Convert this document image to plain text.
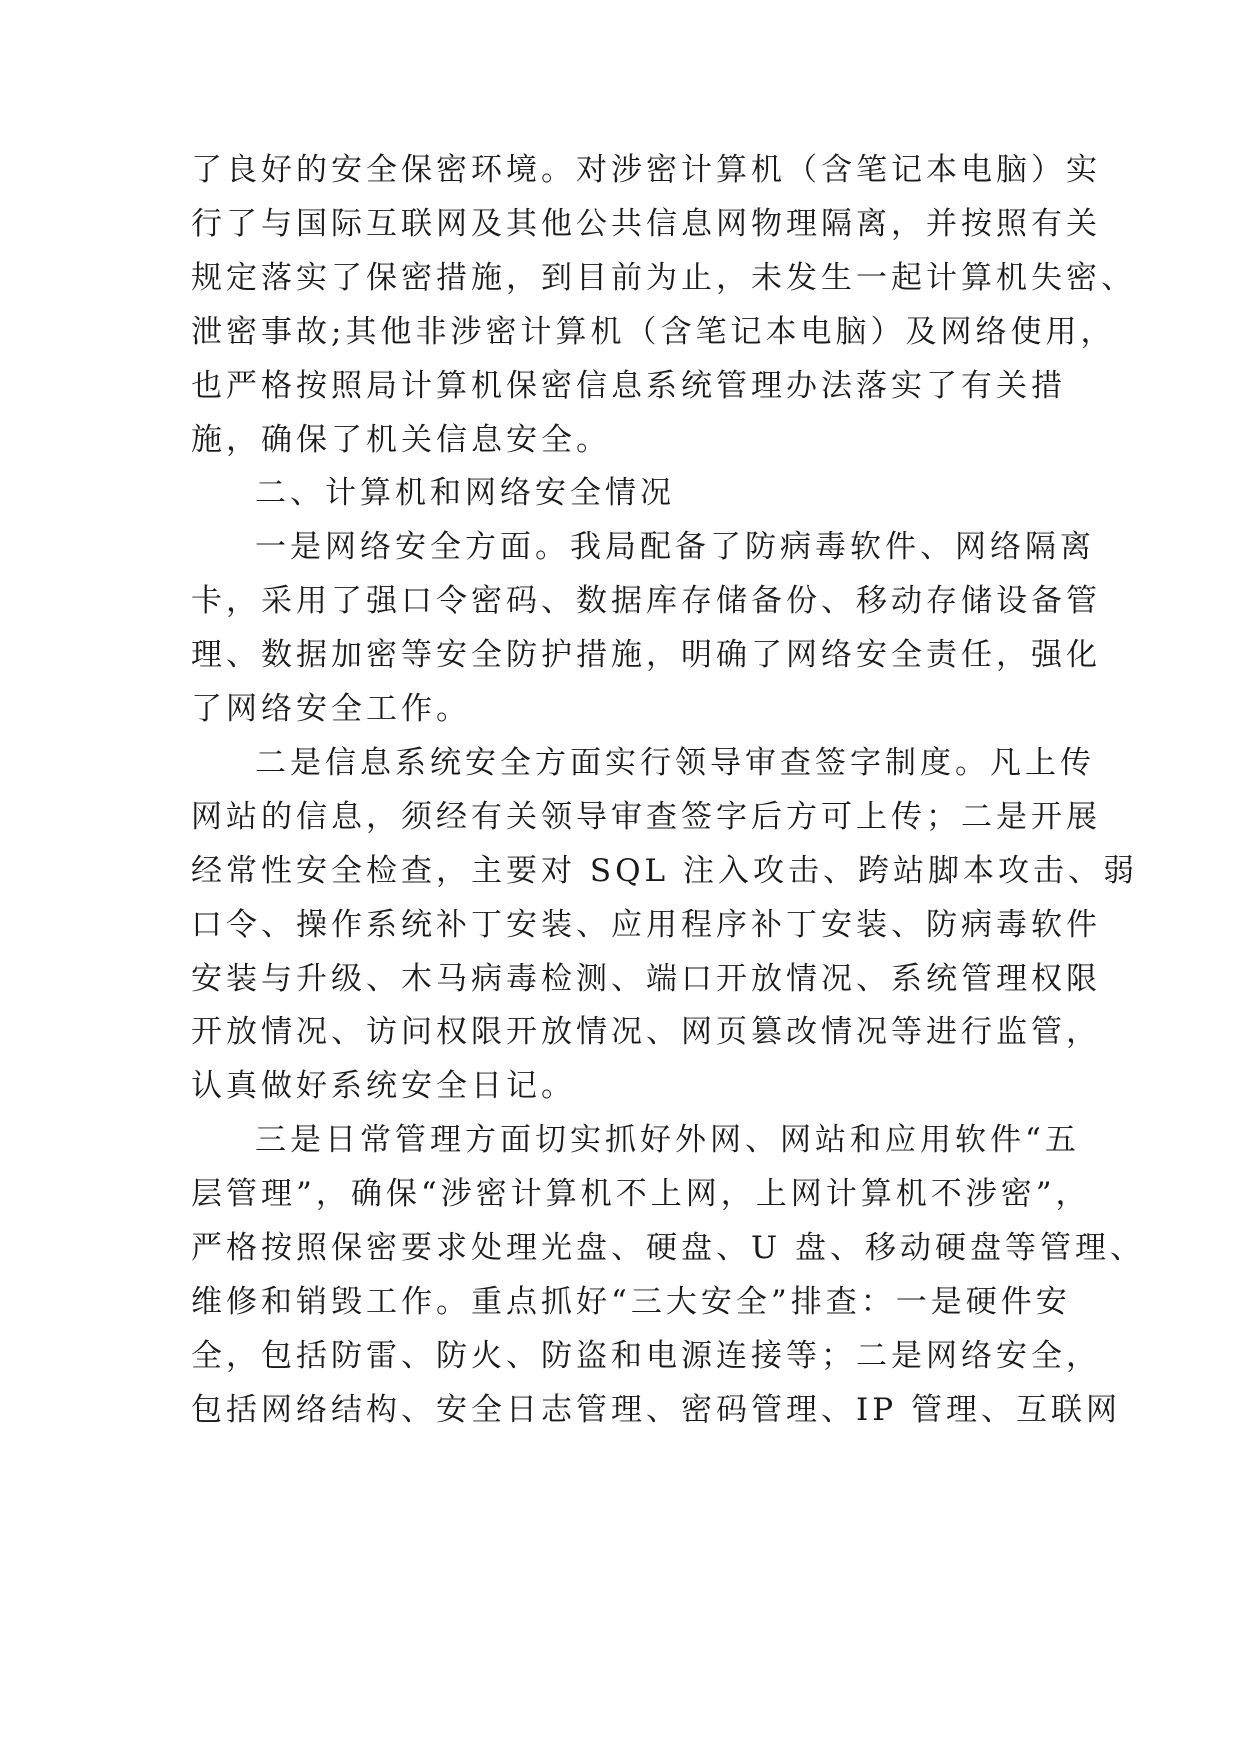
了良好的安全保密环境。对涉密计算机（含笔记本电脑）实
行了与国际互联网及其他公共信息网物理隔离，并按照有关
规定落实了保密措施，到目前为止，未发生一起计算机失密、
泄密事故;其他非涉密计算机（含笔记本电脑）及网络使用，
也严格按照局计算机保密信息系统管理办法落实了有关措
施，确保了机关信息安全。
二、计算机和网络安全情况
一是网络安全方面。我局配备了防病毒软件、网络隔离
卡，采用了强口令密码、数据库存储备份、移动存储设备管
理、数据加密等安全防护措施，明确了网络安全责任，强化
了网络安全工作。
二是信息系统安全方面实行领导审查签字制度。凡上传
网站的信息，须经有关领导审查签字后方可上传；二是开展
经常性安全检查，主要对 SQL 注入攻击、跨站脚本攻击、弱
口令、操作系统补丁安装、应用程序补丁安装、防病毒软件
安装与升级、木马病毒检测、端口开放情况、系统管理权限
开放情况、访问权限开放情况、网页篡改情况等进行监管，
认真做好系统安全日记。
三是日常管理方面切实抓好外网、网站和应用软件“五
层管理”，确保“涉密计算机不上网，上网计算机不涉密”，
严格按照保密要求处理光盘、硬盘、U 盘、移动硬盘等管理、
维修和销毁工作。重点抓好“三大安全”排查：一是硬件安
全，包括防雷、防火、防盗和电源连接等；二是网络安全，
包括网络结构、安全日志管理、密码管理、IP 管理、互联网
